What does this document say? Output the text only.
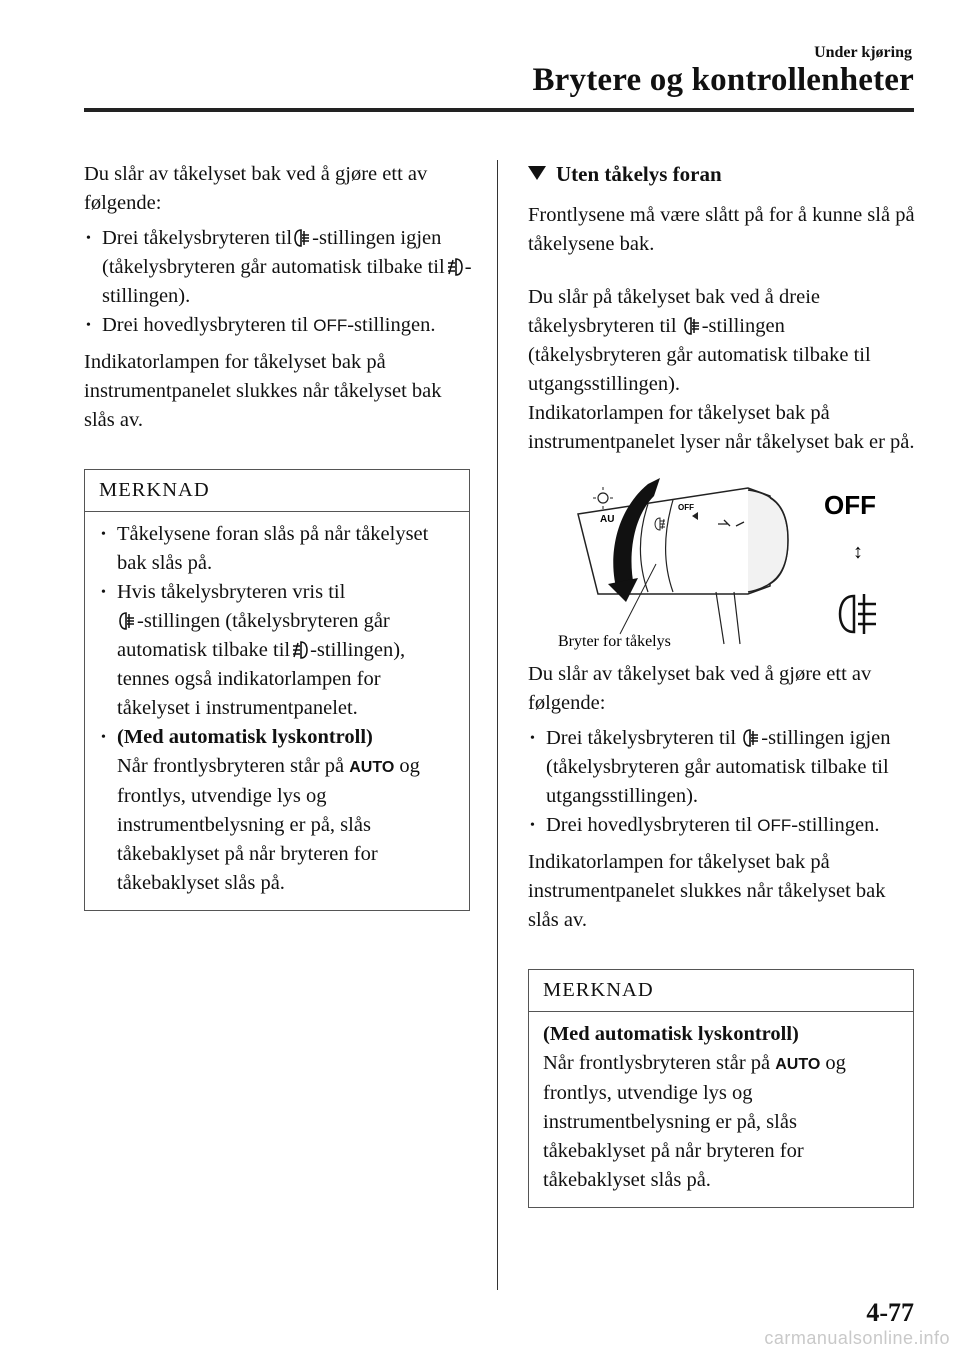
Under kjøring
Brytere og kontrollenheter

Du slår av tåkelyset bak ved å gjøre ett av følgende:

• Drei tåkelysbryteren til -stillingen igjen (tåkelysbryteren går automatisk tilbake til -stillingen).

• Drei hovedlysbryteren til OFF-stillingen.

Indikatorlampen for tåkelyset bak på instrumentpanelet slukkes når tåkelyset bak slås av.

MERKNAD

• Tåkelysene foran slås på når tåkelyset bak slås på.

• Hvis tåkelysbryteren vris til
-stillingen (tåkelysbryteren går automatisk tilbake til -stillingen), tennes også indikatorlampen for tåkelyset i instrumentpanelet.

• (Med automatisk lyskontroll)
Når frontlysbryteren står på AUTO og frontlys, utvendige lys og instrumentbelysning er på, slås tåkebaklyset på når bryteren for tåkebaklyset slås på.

Uten tåkelys foran

Frontlysene må være slått på for å kunne slå på tåkelysene bak.

Du slår på tåkelyset bak ved å dreie tåkelysbryteren til -stillingen (tåkelysbryteren går automatisk tilbake til utgangsstillingen).

Indikatorlampen for tåkelyset bak på instrumentpanelet lyser når tåkelyset bak er på.

AU
OFF	OFF
↕
Bryter for tåkelys

Du slår av tåkelyset bak ved å gjøre ett av følgende:

• Drei tåkelysbryteren til -stillingen igjen (tåkelysbryteren går automatisk tilbake til utgangsstillingen).

• Drei hovedlysbryteren til OFF-stillingen.

Indikatorlampen for tåkelyset bak på instrumentpanelet slukkes når tåkelyset bak slås av.

MERKNAD

(Med automatisk lyskontroll)
Når frontlysbryteren står på AUTO og frontlys, utvendige lys og instrumentbelysning er på, slås tåkebaklyset på når bryteren for tåkebaklyset slås på.

4-77
carmanualsonline.info
